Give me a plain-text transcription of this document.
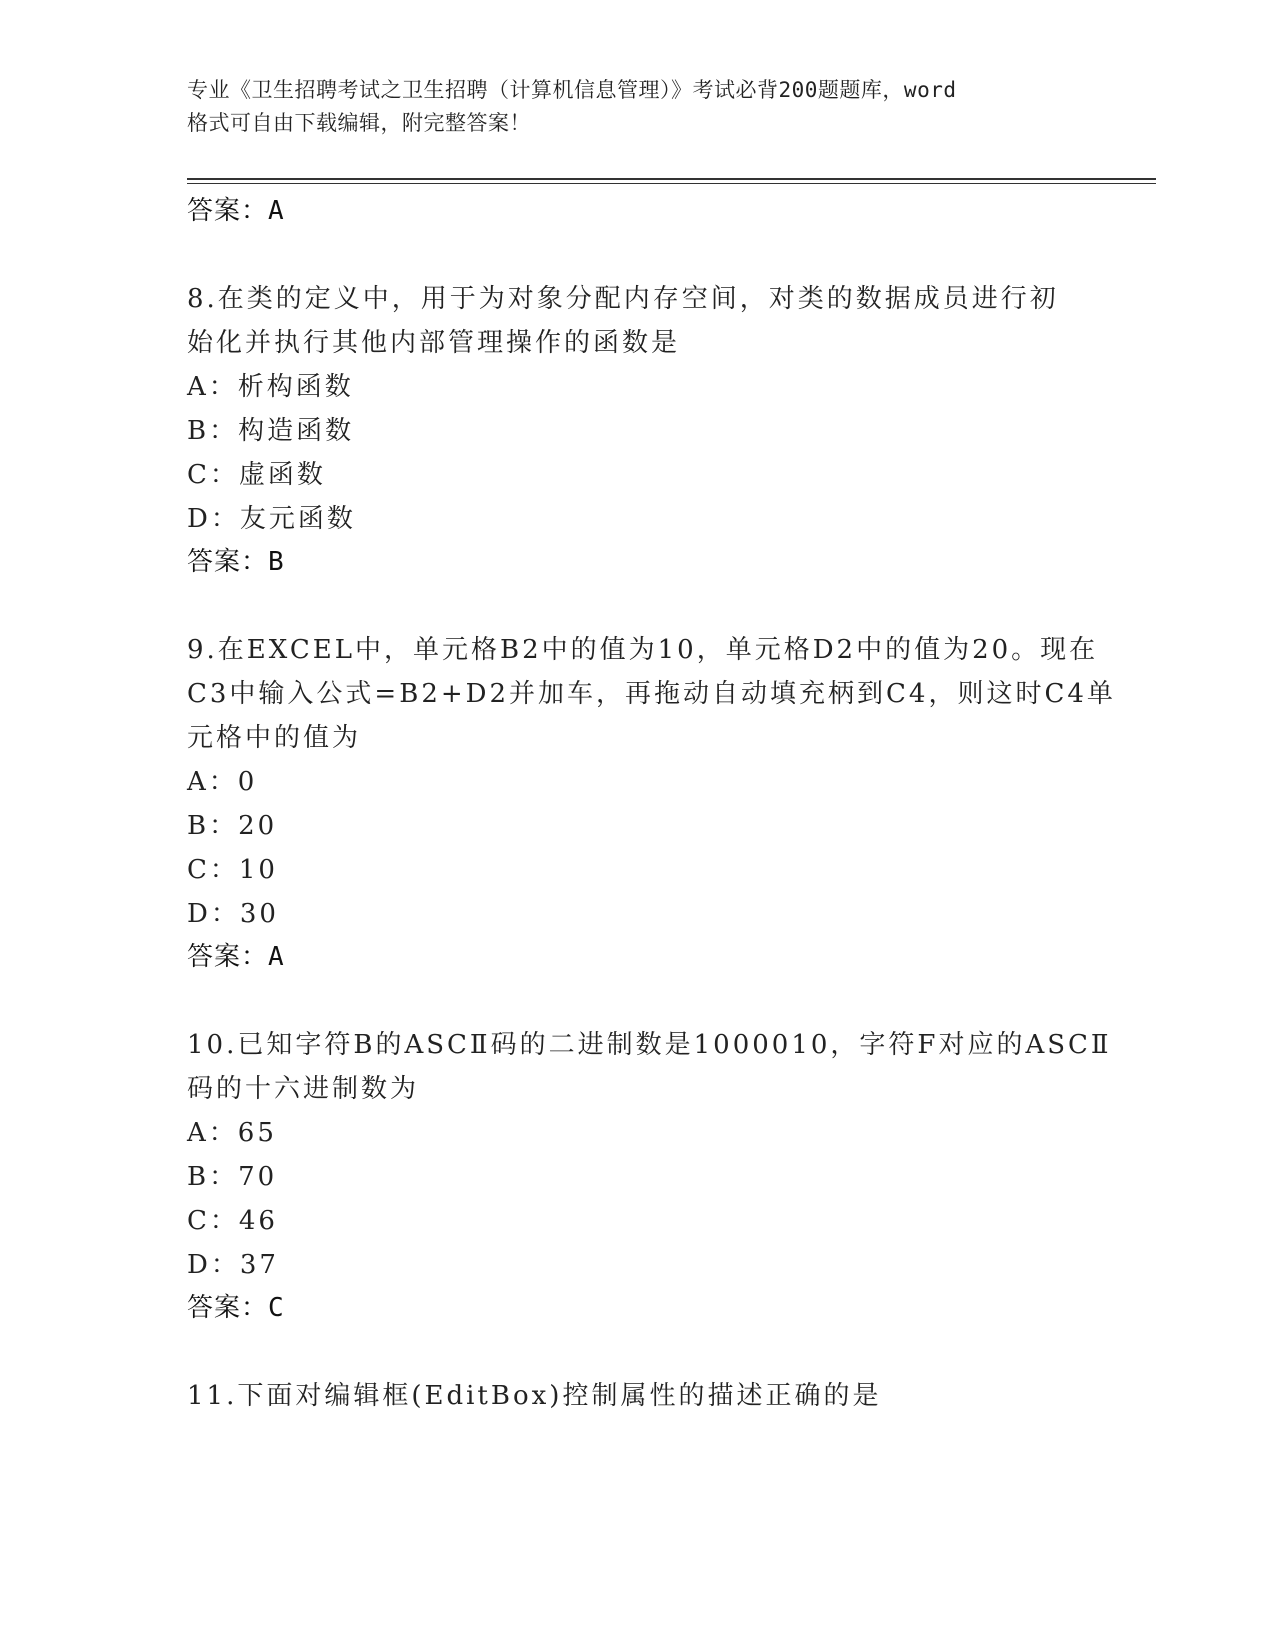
专业《卫生招聘考试之卫生招聘（计算机信息管理）》考试必背200题题库，word
格式可自由下载编辑，附完整答案！
答案：A
8.在类的定义中，用于为对象分配内存空间，对类的数据成员进行初
始化并执行其他内部管理操作的函数是
A：析构函数
B：构造函数
C：虚函数
D：友元函数
答案：B
9.在EXCEL中，单元格B2中的值为10，单元格D2中的值为20。现在
C3中输入公式=B2+D2并加车，再拖动自动填充柄到C4，则这时C4单
元格中的值为
A：0
B：20
C：10
D：30
答案：A
10.已知字符B的ASCⅡ码的二进制数是1000010，字符F对应的ASCⅡ
码的十六进制数为
A：65
B：70
C：46
D：37
答案：C
11.下面对编辑框(EditBox)控制属性的描述正确的是
